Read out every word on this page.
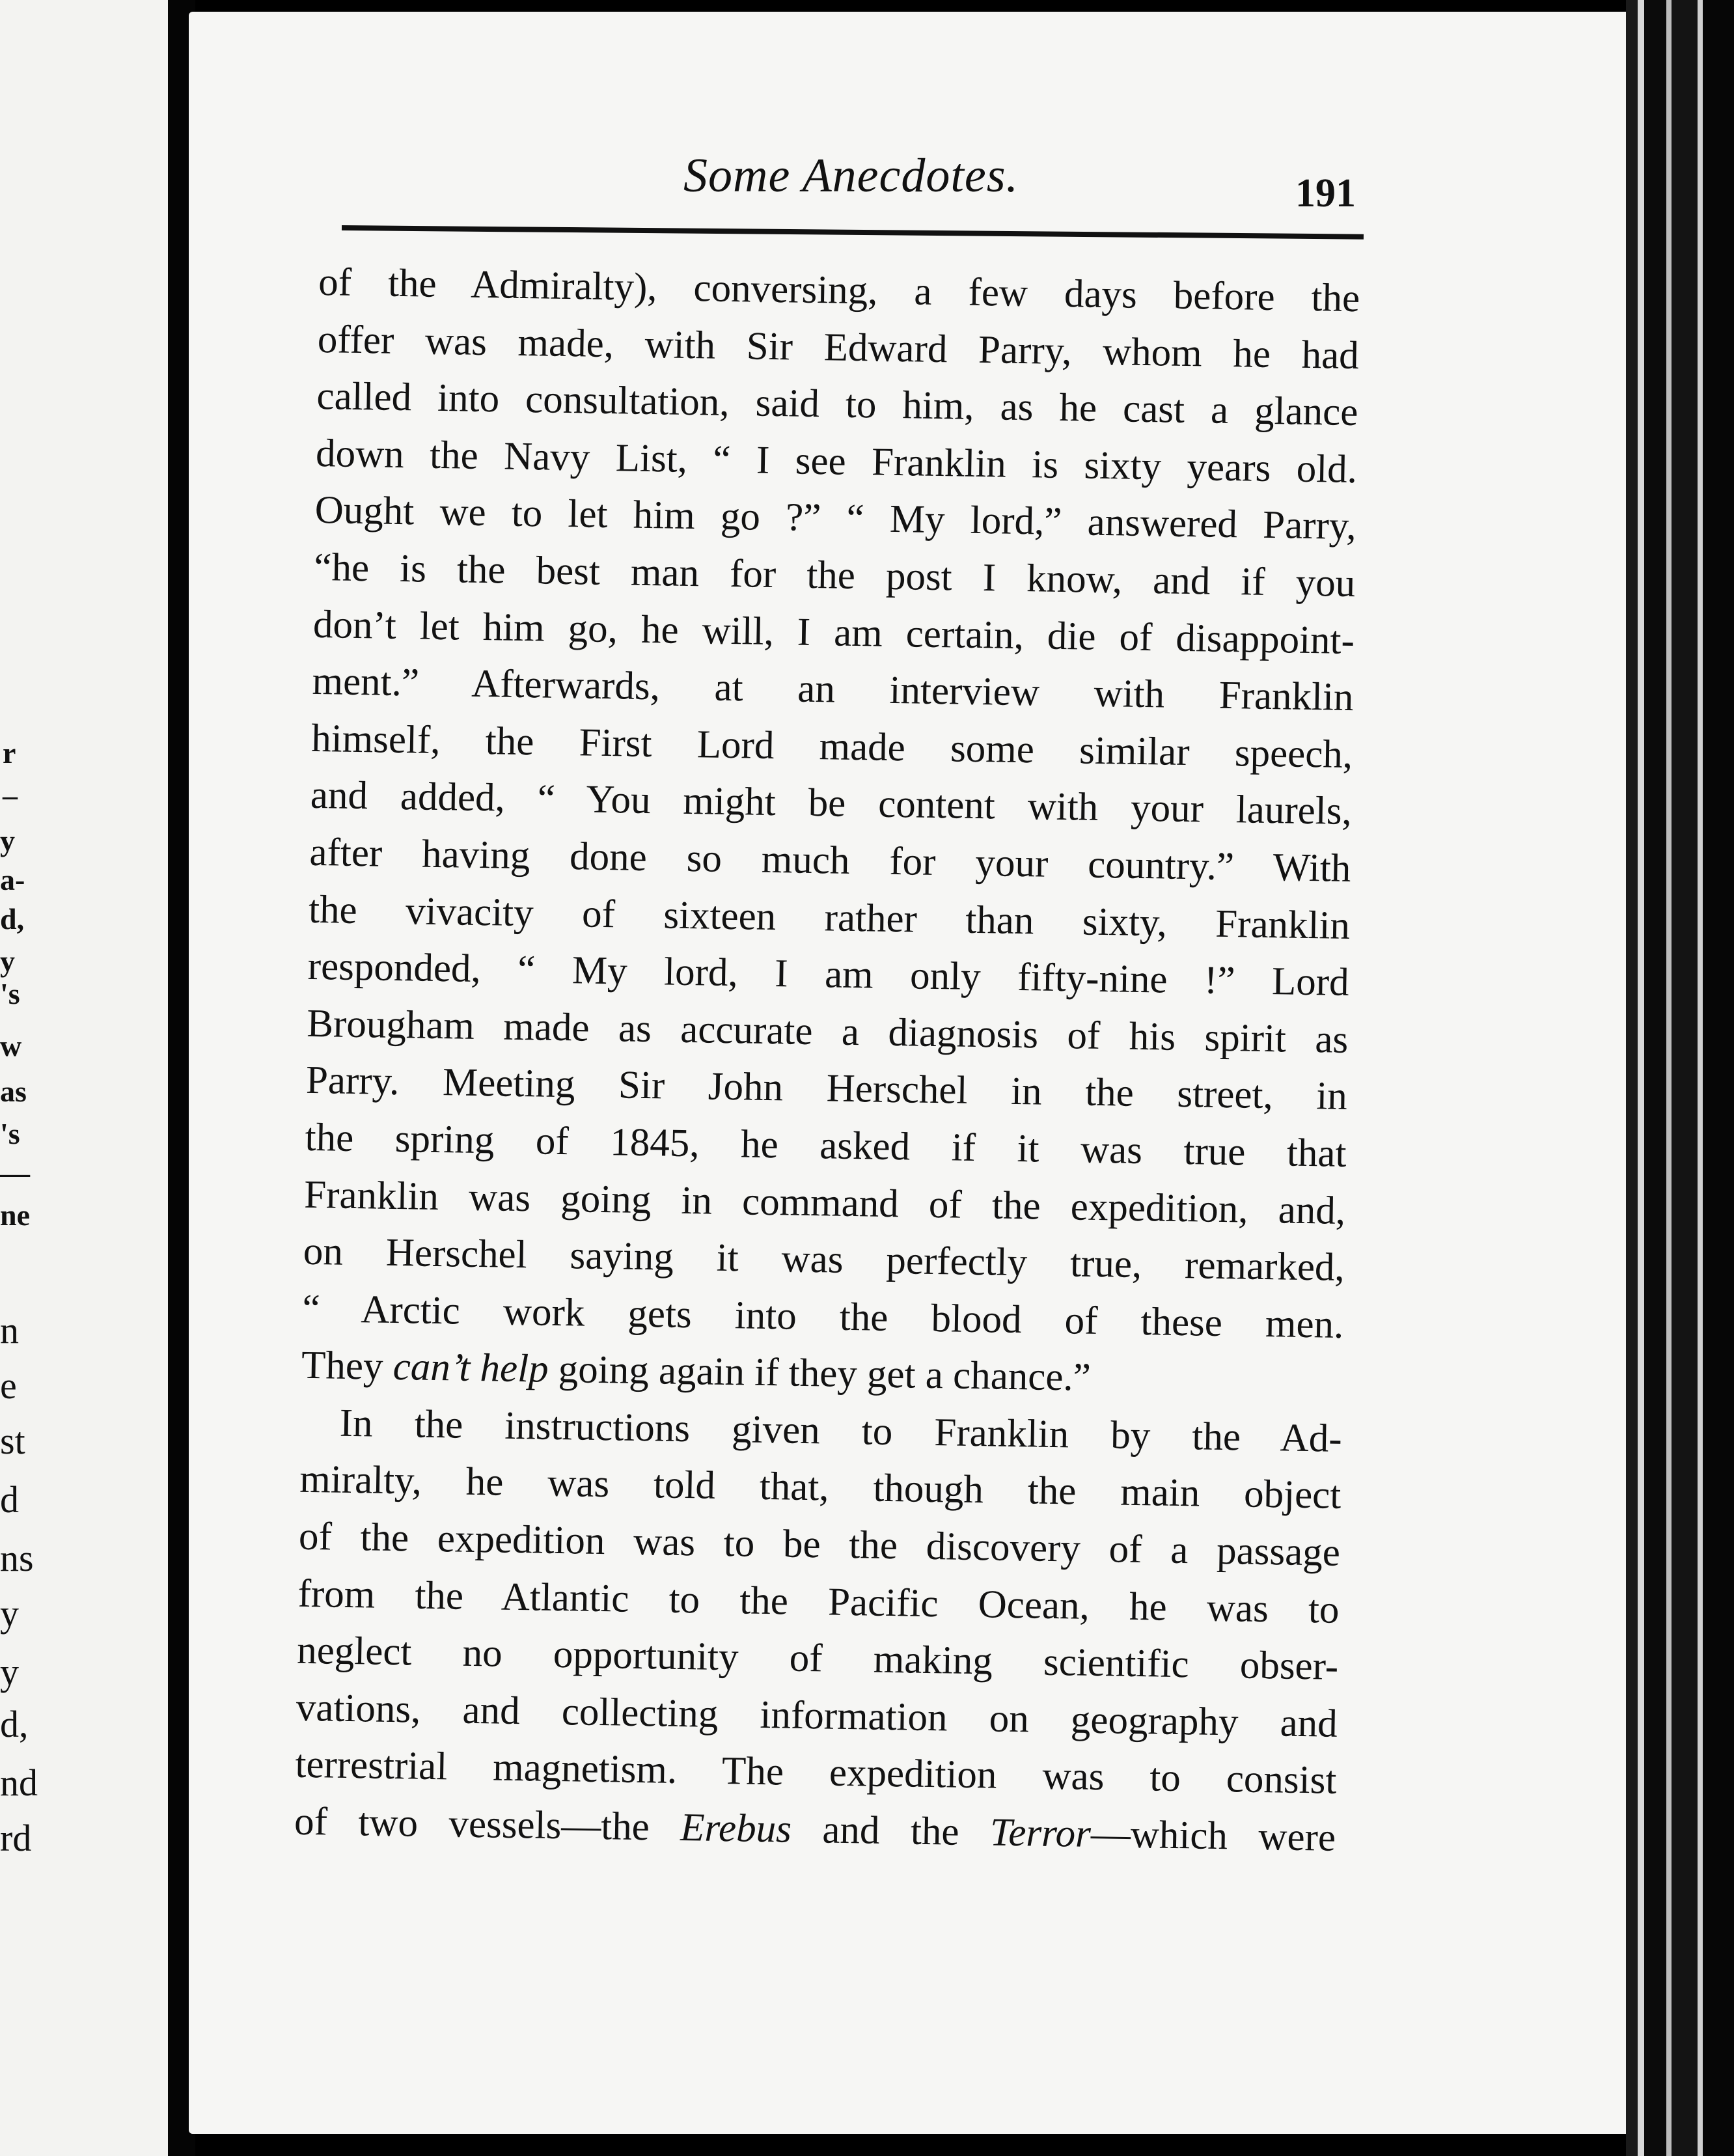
r
–
y
a-
d,
y
's
w
as
's
—
ne
n
e
st
d
ns
y
y
d,
nd
rd
Some Anecdotes.	191
of the Admiralty), conversing, a few days before the
offer was made, with Sir Edward Parry, whom he had
called into consultation, said to him, as he cast a glance
down the Navy List, “ I see Franklin is sixty years old.
Ought we to let him go ?” “ My lord,” answered Parry,
“he is the best man for the post I know, and if you
don’t let him go, he will, I am certain, die of disappoint-
ment.” Afterwards, at an interview with Franklin
himself, the First Lord made some similar speech,
and added, “ You might be content with your laurels,
after having done so much for your country.” With
the vivacity of sixteen rather than sixty, Franklin
responded, “ My lord, I am only fifty-nine !” Lord
Brougham made as accurate a diagnosis of his spirit as
Parry. Meeting Sir John Herschel in the street, in
the spring of 1845, he asked if it was true that
Franklin was going in command of the expedition, and,
on Herschel saying it was perfectly true, remarked,
“ Arctic work gets into the blood of these men.
They can’t help going again if they get a chance.”
In the instructions given to Franklin by the Ad-
miralty, he was told that, though the main object
of the expedition was to be the discovery of a passage
from the Atlantic to the Pacific Ocean, he was to
neglect no opportunity of making scientific obser-
vations, and collecting information on geography and
terrestrial magnetism. The expedition was to consist
of two vessels—the Erebus and the Terror—which were
